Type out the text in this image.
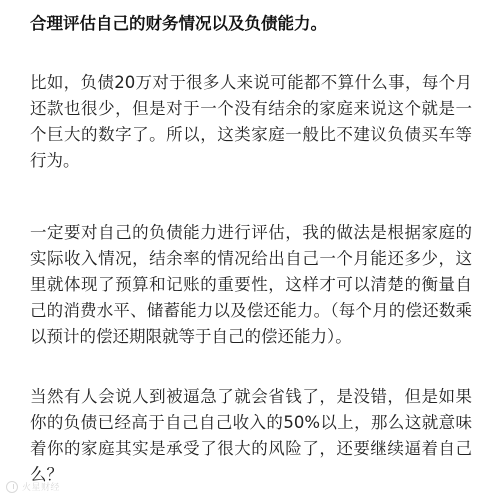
合理评估自己的财务情况以及负债能力。

比如，负债20万对于很多人来说可能都不算什么事，每个月还款也很少，但是对于一个没有结余的家庭来说这个就是一个巨大的数字了。所以，这类家庭一般比不建议负债买车等行为。

一定要对自己的负债能力进行评估，我的做法是根据家庭的实际收入情况，结余率的情况给出自己一个月能还多少，这里就体现了预算和记账的重要性，这样才可以清楚的衡量自己的消费水平、储蓄能力以及偿还能力。（每个月的偿还数乘以预计的偿还期限就等于自己的偿还能力）。

当然有人会说人到被逼急了就会省钱了，是没错，但是如果你的负债已经高于自己自己收入的50%以上，那么这就意味着你的家庭其实是承受了很大的风险了，还要继续逼着自己么？

火星财经
